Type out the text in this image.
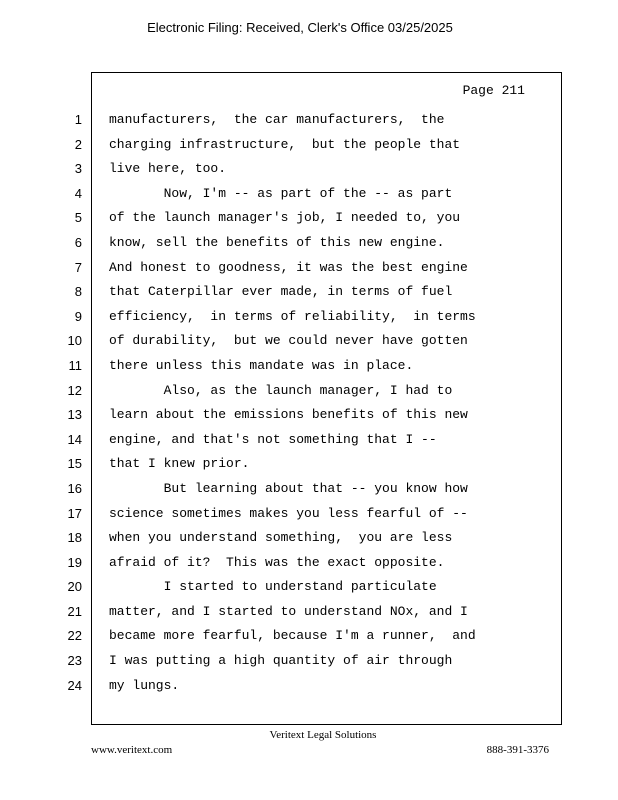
Electronic Filing: Received, Clerk's Office 03/25/2025
Page 211
1
2
3
4
5
6
7
8
9
10
11
12
13
14
15
16
17
18
19
20
21
22
23
24
manufacturers,  the car manufacturers,  the
charging infrastructure,  but the people that
live here, too.
Now, I'm -- as part of the -- as part
of the launch manager's job, I needed to, you
know, sell the benefits of this new engine.
And honest to goodness, it was the best engine
that Caterpillar ever made, in terms of fuel
efficiency,  in terms of reliability,  in terms
of durability,  but we could never have gotten
there unless this mandate was in place.
Also, as the launch manager, I had to
learn about the emissions benefits of this new
engine, and that's not something that I --
that I knew prior.
But learning about that -- you know how
science sometimes makes you less fearful of --
when you understand something,  you are less
afraid of it?  This was the exact opposite.
I started to understand particulate
matter, and I started to understand NOx, and I
became more fearful, because I'm a runner,  and
I was putting a high quantity of air through
my lungs.
Veritext Legal Solutions
www.veritext.com	888-391-3376
